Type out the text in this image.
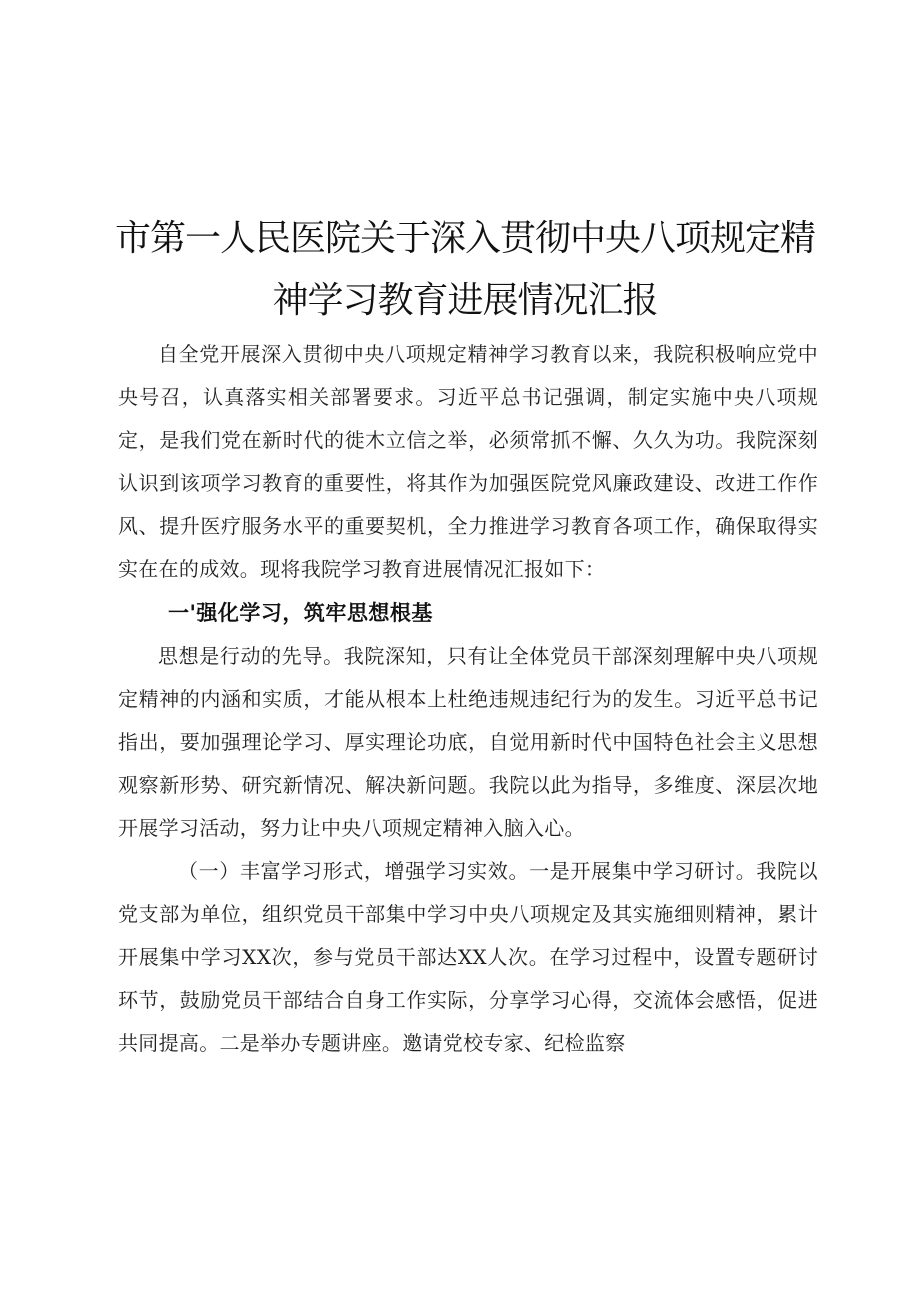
市第一人民医院关于深入贯彻中央八项规定精
神学习教育进展情况汇报

自全党开展深入贯彻中央八项规定精神学习教育以来，我院积极响应党中央号召，认真落实相关部署要求。习近平总书记强调，制定实施中央八项规定，是我们党在新时代的徙木立信之举，必须常抓不懈、久久为功。我院深刻认识到该项学习教育的重要性，将其作为加强医院党风廉政建设、改进工作作风、提升医疗服务水平的重要契机，全力推进学习教育各项工作，确保取得实实在在的成效。现将我院学习教育进展情况汇报如下：

一'强化学习，筑牢思想根基

思想是行动的先导。我院深知，只有让全体党员干部深刻理解中央八项规定精神的内涵和实质，才能从根本上杜绝违规违纪行为的发生。习近平总书记指出，要加强理论学习、厚实理论功底，自觉用新时代中国特色社会主义思想观察新形势、研究新情况、解决新问题。我院以此为指导，多维度、深层次地开展学习活动，努力让中央八项规定精神入脑入心。

（一）丰富学习形式，增强学习实效。一是开展集中学习研讨。我院以党支部为单位，组织党员干部集中学习中央八项规定及其实施细则精神，累计开展集中学习XX次，参与党员干部达XX人次。在学习过程中，设置专题研讨环节，鼓励党员干部结合自身工作实际，分享学习心得，交流体会感悟，促进共同提高。二是举办专题讲座。邀请党校专家、纪检监察
